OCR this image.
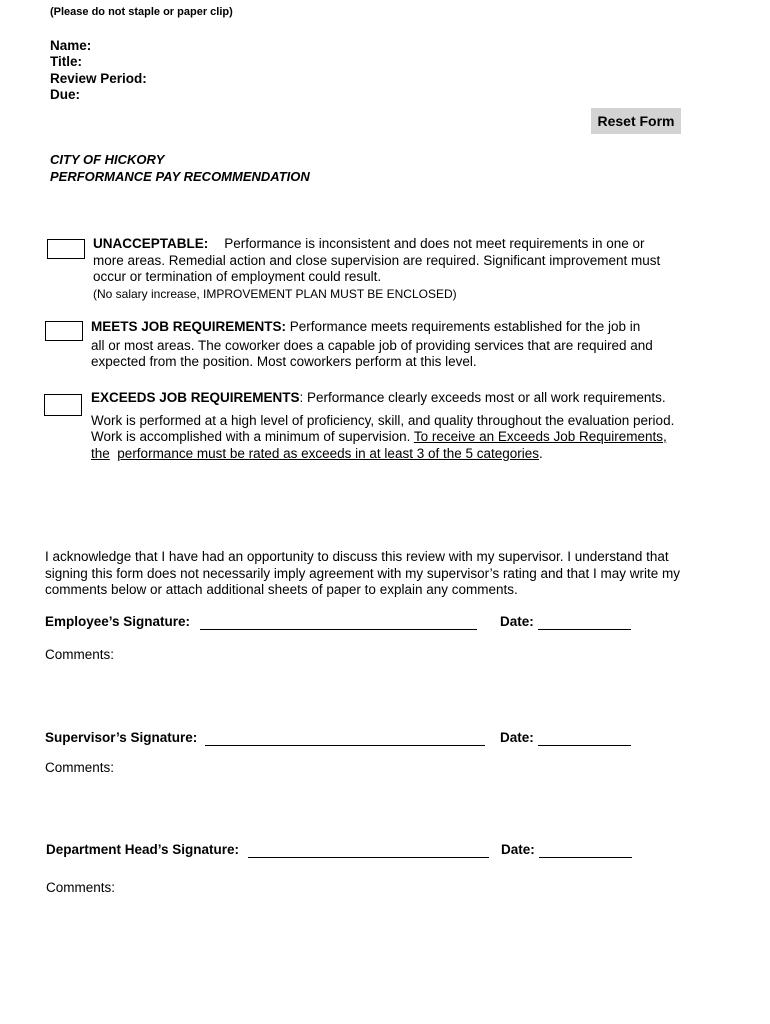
(Please do not staple or paper clip)
Name:
Title:
Review Period:
Due:
Reset Form
CITY OF HICKORY
PERFORMANCE PAY RECOMMENDATION
UNACCEPTABLE: Performance is inconsistent and does not meet requirements in one or
more areas. Remedial action and close supervision are required. Significant improvement must
occur or termination of employment could result.
(No salary increase, IMPROVEMENT PLAN MUST BE ENCLOSED)
MEETS JOB REQUIREMENTS: Performance meets requirements established for the job in
all or most areas. The coworker does a capable job of providing services that are required and
expected from the position. Most coworkers perform at this level.
EXCEEDS JOB REQUIREMENTS: Performance clearly exceeds most or all work requirements.
Work is performed at a high level of proficiency, skill, and quality throughout the evaluation period.
Work is accomplished with a minimum of supervision. To receive an Exceeds Job Requirements,
the performance must be rated as exceeds in at least 3 of the 5 categories.
I acknowledge that I have had an opportunity to discuss this review with my supervisor. I understand that
signing this form does not necessarily imply agreement with my supervisor’s rating and that I may write my
comments below or attach additional sheets of paper to explain any comments.
Employee’s Signature:	Date:
Comments:
Supervisor’s Signature:	Date:
Comments:
Department Head’s Signature:	Date:
Comments:
